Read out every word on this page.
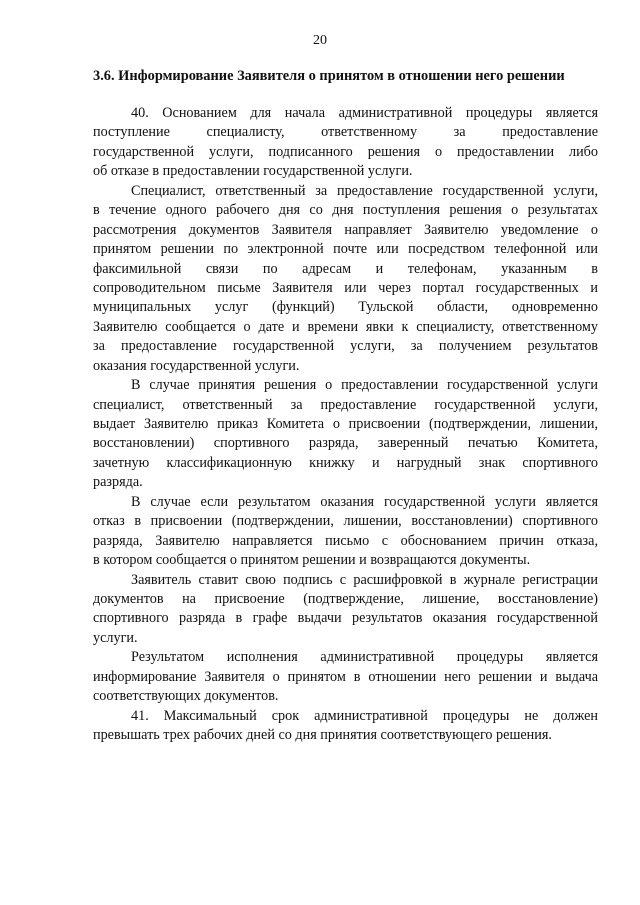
20
3.6. Информирование Заявителя о принятом в отношении него решении
40. Основанием для начала административной процедуры является
поступление специалисту, ответственному за предоставление
государственной услуги, подписанного решения о предоставлении либо
об отказе в предоставлении государственной услуги.
Специалист, ответственный за предоставление государственной услуги,
в течение одного рабочего дня со дня поступления решения о результатах
рассмотрения документов Заявителя направляет Заявителю уведомление о
принятом решении по электронной почте или посредством телефонной или
факсимильной связи по адресам и телефонам, указанным в
сопроводительном письме Заявителя или через портал государственных и
муниципальных услуг (функций) Тульской области, одновременно
Заявителю сообщается о дате и времени явки к специалисту, ответственному
за предоставление государственной услуги, за получением результатов
оказания государственной услуги.
В случае принятия решения о предоставлении государственной услуги
специалист, ответственный за предоставление государственной услуги,
выдает Заявителю приказ Комитета о присвоении (подтверждении, лишении,
восстановлении) спортивного разряда, заверенный печатью Комитета,
зачетную классификационную книжку и нагрудный знак спортивного
разряда.
В случае если результатом оказания государственной услуги является
отказ в присвоении (подтверждении, лишении, восстановлении) спортивного
разряда, Заявителю направляется письмо с обоснованием причин отказа,
в котором сообщается о принятом решении и возвращаются документы.
Заявитель ставит свою подпись с расшифровкой в журнале регистрации
документов на присвоение (подтверждение, лишение, восстановление)
спортивного разряда в графе выдачи результатов оказания государственной
услуги.
Результатом исполнения административной процедуры является
информирование Заявителя о принятом в отношении него решении и выдача
соответствующих документов.
41. Максимальный срок административной процедуры не должен
превышать трех рабочих дней со дня принятия соответствующего решения.
